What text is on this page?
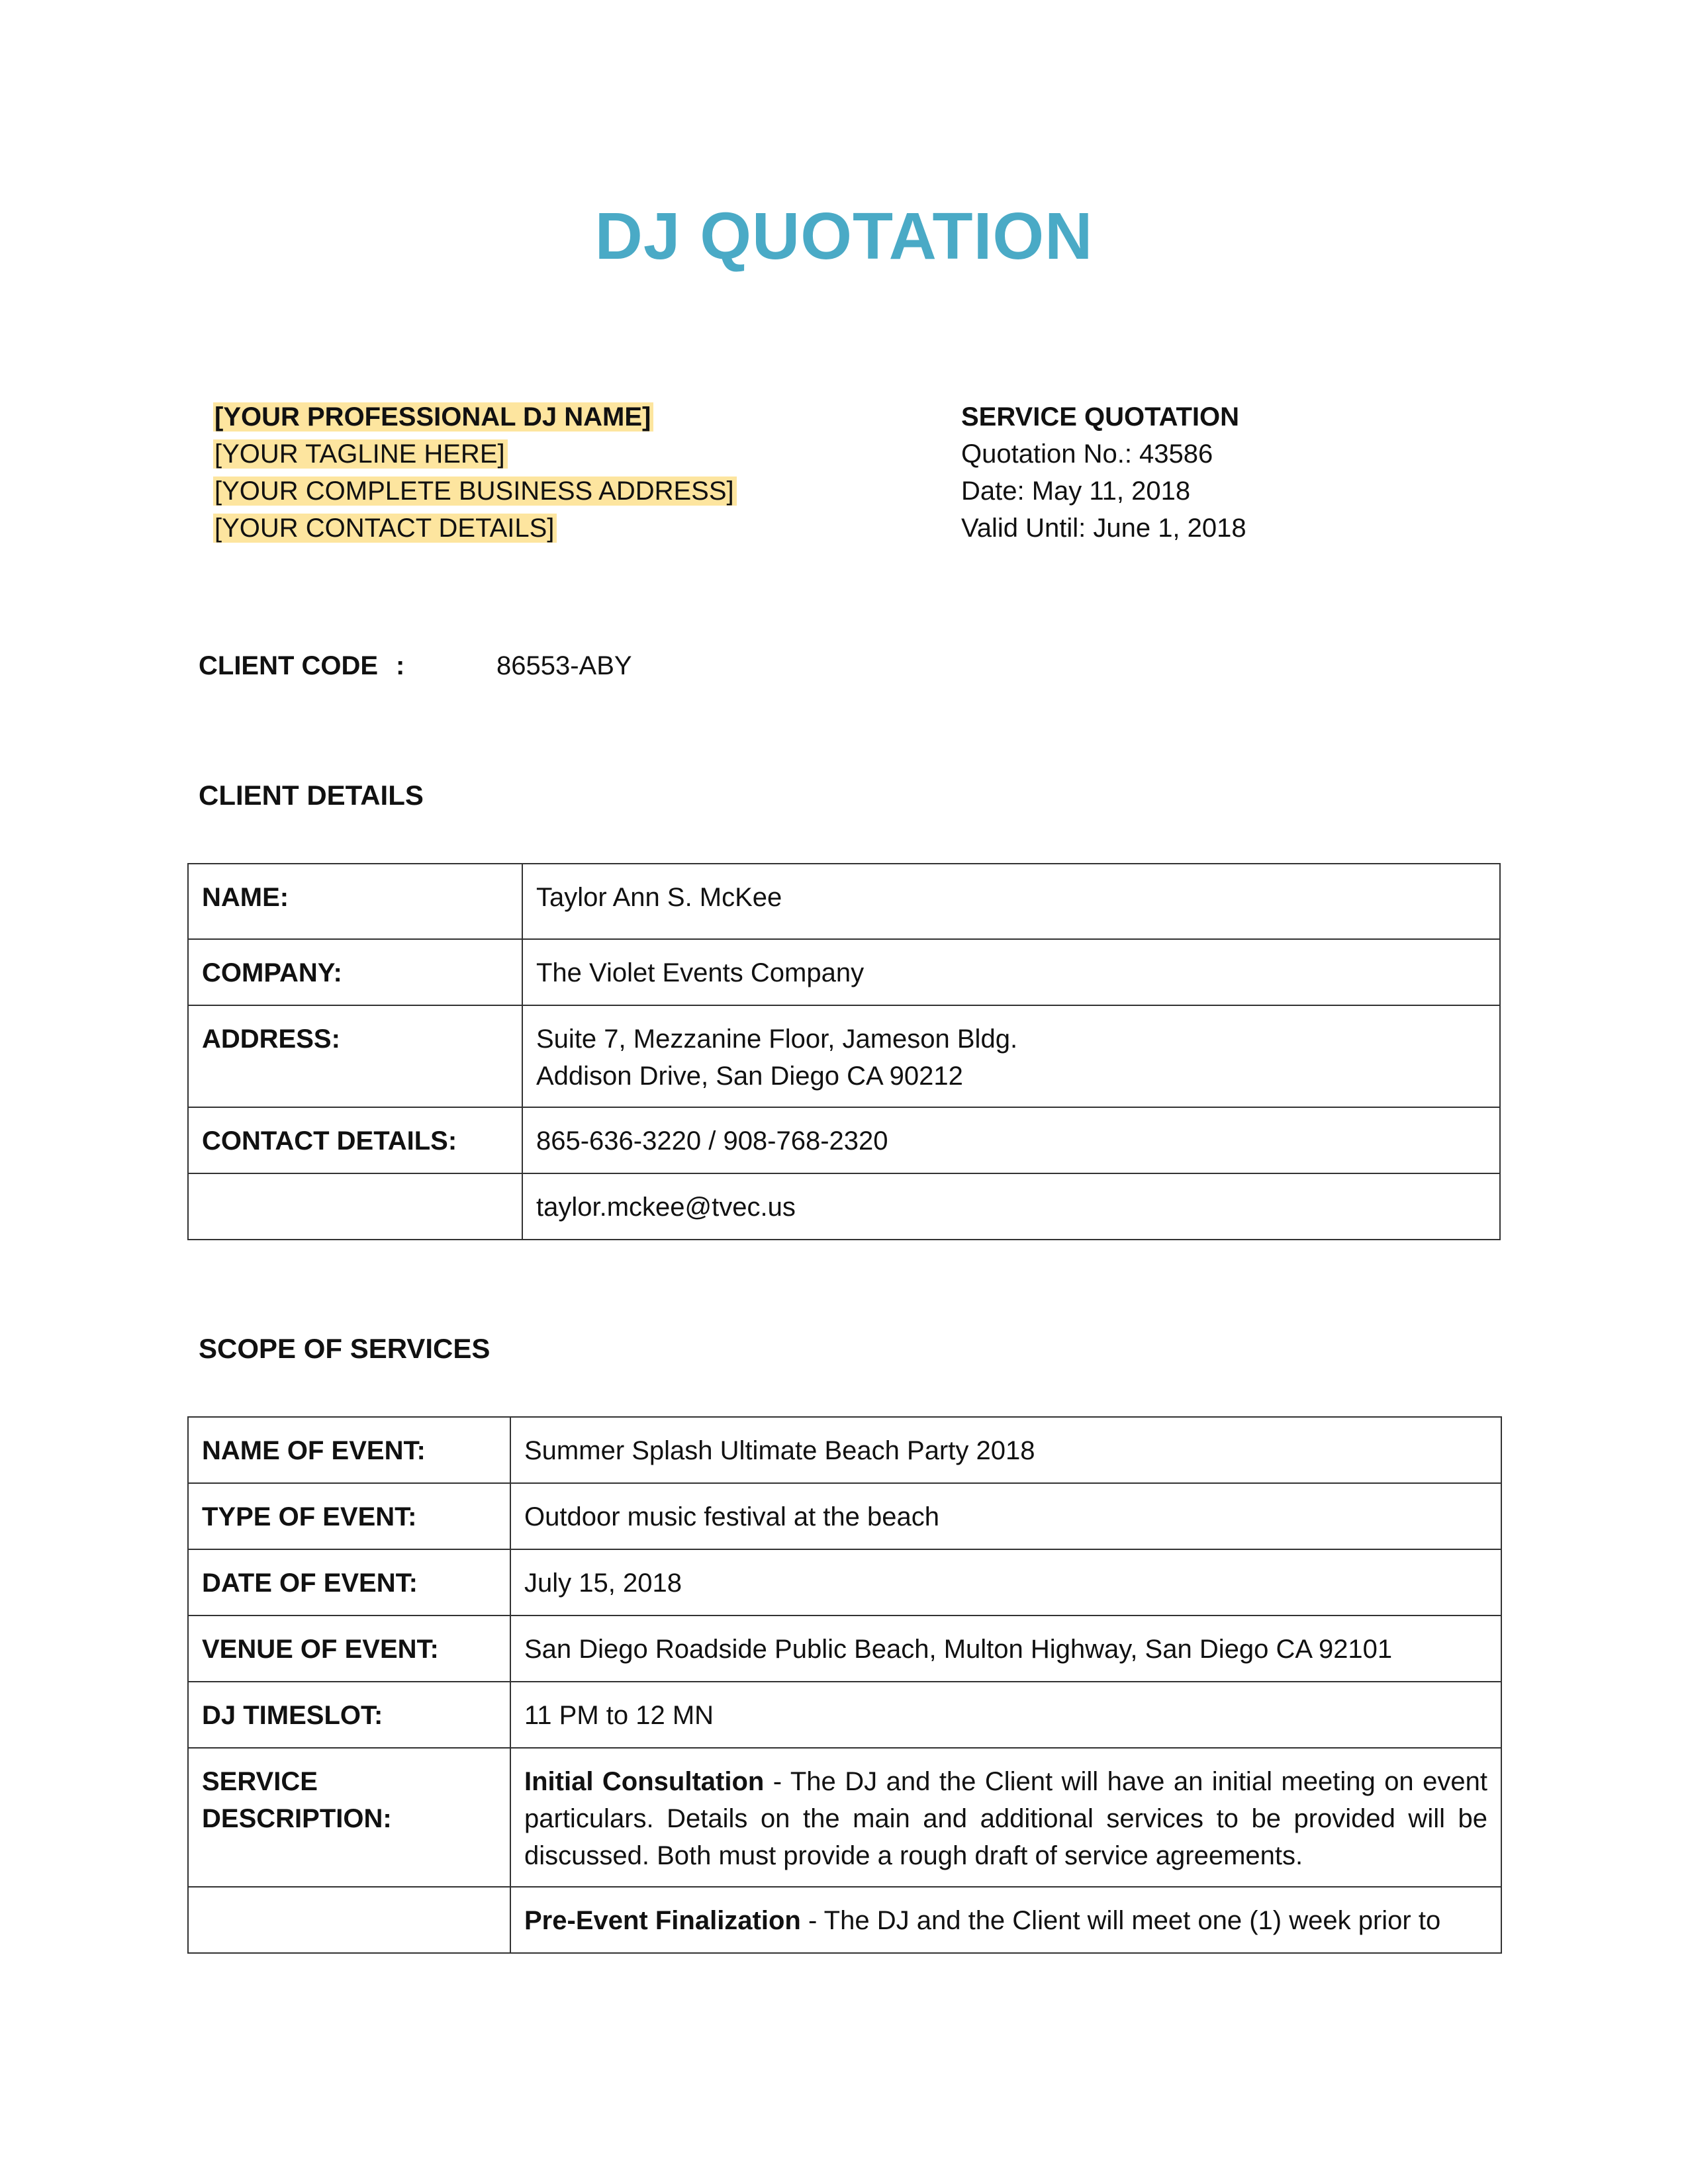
DJ QUOTATION
[YOUR PROFESSIONAL DJ NAME]
[YOUR TAGLINE HERE]
[YOUR COMPLETE BUSINESS ADDRESS]
[YOUR CONTACT DETAILS]
SERVICE QUOTATION
Quotation No.: 43586
Date: May 11, 2018
Valid Until: June 1, 2018
CLIENT CODE :	86553-ABY
CLIENT DETAILS
NAME:	Taylor Ann S. McKee
COMPANY:	The Violet Events Company
ADDRESS:	Suite 7, Mezzanine Floor, Jameson Bldg.
Addison Drive, San Diego CA 90212

CONTACT DETAILS:	865-636-3220 / 908-768-2320
	taylor.mckee@tvec.us
SCOPE OF SERVICES
NAME OF EVENT:	Summer Splash Ultimate Beach Party 2018
TYPE OF EVENT:	Outdoor music festival at the beach
DATE OF EVENT:	July 15, 2018
VENUE OF EVENT:	San Diego Roadside Public Beach, Multon Highway, San Diego CA 92101
DJ TIMESLOT:	11 PM to 12 MN
SERVICE DESCRIPTION:	Initial Consultation - The DJ and the Client will have an initial meeting on event particulars. Details on the main and additional services to be provided will be discussed. Both must provide a rough draft of service agreements.
	Pre-Event Finalization - The DJ and the Client will meet one (1) week prior to
